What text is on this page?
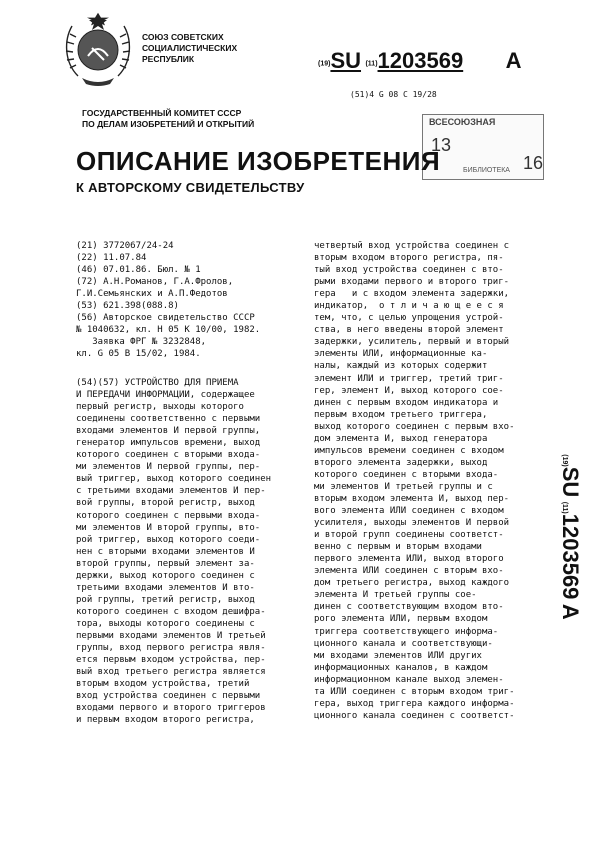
СОЮЗ СОВЕТСКИХ
СОЦИАЛИСТИЧЕСКИХ
РЕСПУБЛИК	(19)SU (11)1203569 A
(51)4 G 08 C 19/28
ГОСУДАРСТВЕННЫЙ КОМИТЕТ СССР
ПО ДЕЛАМ ИЗОБРЕТЕНИЙ И ОТКРЫТИЙ	ВСЕСОЮЗНАЯ
13
16
БИБЛИОТЕКА
ОПИСАНИЕ ИЗОБРЕТЕНИЯ
К АВТОРСКОМУ СВИДЕТЕЛЬСТВУ
(21) 3772067/24-24
(22) 11.07.84
(46) 07.01.86. Бюл. № 1
(72) А.Н.Романов, Г.А.Фролов,
Г.И.Семьянских и А.П.Федотов
(53) 621.398(088.8)
(56) Авторское свидетельство СССР
№ 1040632, кл. Н 05 К 10/00, 1982.
Заявка ФРГ № 3232848,
кл. G 05 В 15/02, 1984.
(54)(57) УСТРОЙСТВО ДЛЯ ПРИЕМА
И ПЕРЕДАЧИ ИНФОРМАЦИИ, содержащее
первый регистр, выходы которого
соединены соответственно с первыми
входами элементов И первой группы,
генератор импульсов времени, выход
которого соединен с вторыми входа-
ми элементов И первой группы, пер-
вый триггер, выход которого соединен
с третьими входами элементов И пер-
вой группы, второй регистр, выход
которого соединен с первыми входа-
ми элементов И второй группы, вто-
рой триггер, выход которого соеди-
нен с вторыми входами элементов И
второй группы, первый элемент за-
держки, выход которого соединен с
третьими входами элементов И вто-
рой группы, третий регистр, выход
которого соединен с входом дешифра-
тора, выходы которого соединены с
первыми входами элементов И третьей
группы, вход первого регистра явля-
ется первым входом устройства, пер-
вый вход третьего регистра является
вторым входом устройства, третий
вход устройства соединен с первыми
входами первого и второго триггеров
и первым входом второго регистра,
четвертый вход устройства соединен с
вторым входом второго регистра, пя-
тый вход устройства соединен с вто-
рыми входами первого и второго триг-
гера   и с входом элемента задержки,
индикатор,  о т л и ч а ю щ е е с я
тем, что, с целью упрощения устрой-
ства, в него введены второй элемент
задержки, усилитель, первый и вторый
элементы ИЛИ, информационные ка-
налы, каждый из которых содержит
элемент ИЛИ и триггер, третий триг-
гер, элемент И, выход которого сое-
динен с первым входом индикатора и
первым входом третьего триггера,
выход которого соединен с первым вхо-
дом элемента И, выход генератора
импульсов времени соединен с входом
второго элемента задержки, выход
которого соединен с вторыми входа-
ми элементов И третьей группы и с
вторым входом элемента И, выход пер-
вого элемента ИЛИ соединен с входом
усилителя, выходы элементов И первой
и второй групп соединены соответст-
венно с первым и вторым входами
первого элемента ИЛИ, выход второго
элемента ИЛИ соединен с вторым вхо-
дом третьего регистра, выход каждого
элемента И третьей группы сое-
динен с соответствующим входом вто-
рого элемента ИЛИ, первым входом
триггера соответствующего информа-
ционного канала и соответствующи-
ми входами элементов ИЛИ других
информационных каналов, в каждом
информационном канале выход элемен-
та ИЛИ соединен с вторым входом триг-
гера, выход триггера каждого информа-
ционного канала соединен с соответст-
(19)SU (11)1203569 A
